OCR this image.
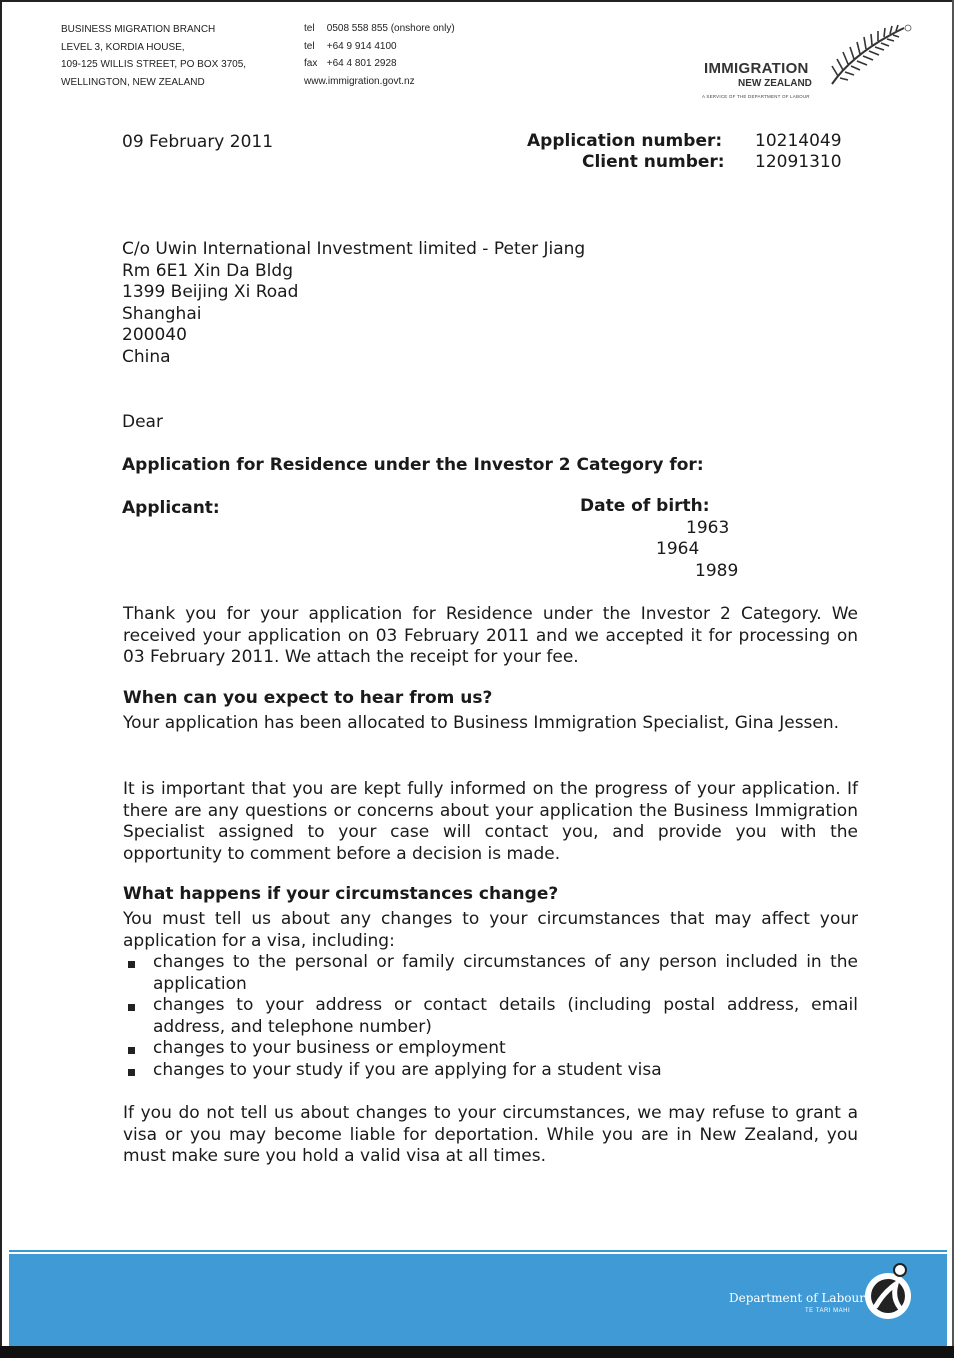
BUSINESS MIGRATION BRANCH
LEVEL 3, KORDIA HOUSE,
109-125 WILLIS STREET, PO BOX 3705,
WELLINGTON, NEW ZEALAND
tel 0508 558 855 (onshore only)
tel +64 9 914 4100
fax +64 4 801 2928
www.immigration.govt.nz
IMMIGRATION
NEW ZEALAND
A SERVICE OF THE DEPARTMENT OF LABOUR
09 February 2011	Application number: 10214049
Client number: 12091310
C/o Uwin International Investment limited - Peter Jiang
Rm 6E1 Xin Da Bldg
1399 Beijing Xi Road
Shanghai
200040
China
Dear
Application for Residence under the Investor 2 Category for:
Applicant:	Date of birth:
1963
1964
1989
Thank you for your application for Residence under the Investor 2 Category. We received your application on 03 February 2011 and we accepted it for processing on 03 February 2011. We attach the receipt for your fee.
When can you expect to hear from us?
Your application has been allocated to Business Immigration Specialist, Gina Jessen.
It is important that you are kept fully informed on the progress of your application. If there are any questions or concerns about your application the Business Immigration Specialist assigned to your case will contact you, and provide you with the opportunity to comment before a decision is made.
What happens if your circumstances change?
You must tell us about any changes to your circumstances that may affect your application for a visa, including:
changes to the personal or family circumstances of any person included in the application
changes to your address or contact details (including postal address, email address, and telephone number)
changes to your business or employment
changes to your study if you are applying for a student visa
If you do not tell us about changes to your circumstances, we may refuse to grant a visa or you may become liable for deportation. While you are in New Zealand, you must make sure you hold a valid visa at all times.
Department of Labour
TE TARI MAHI
